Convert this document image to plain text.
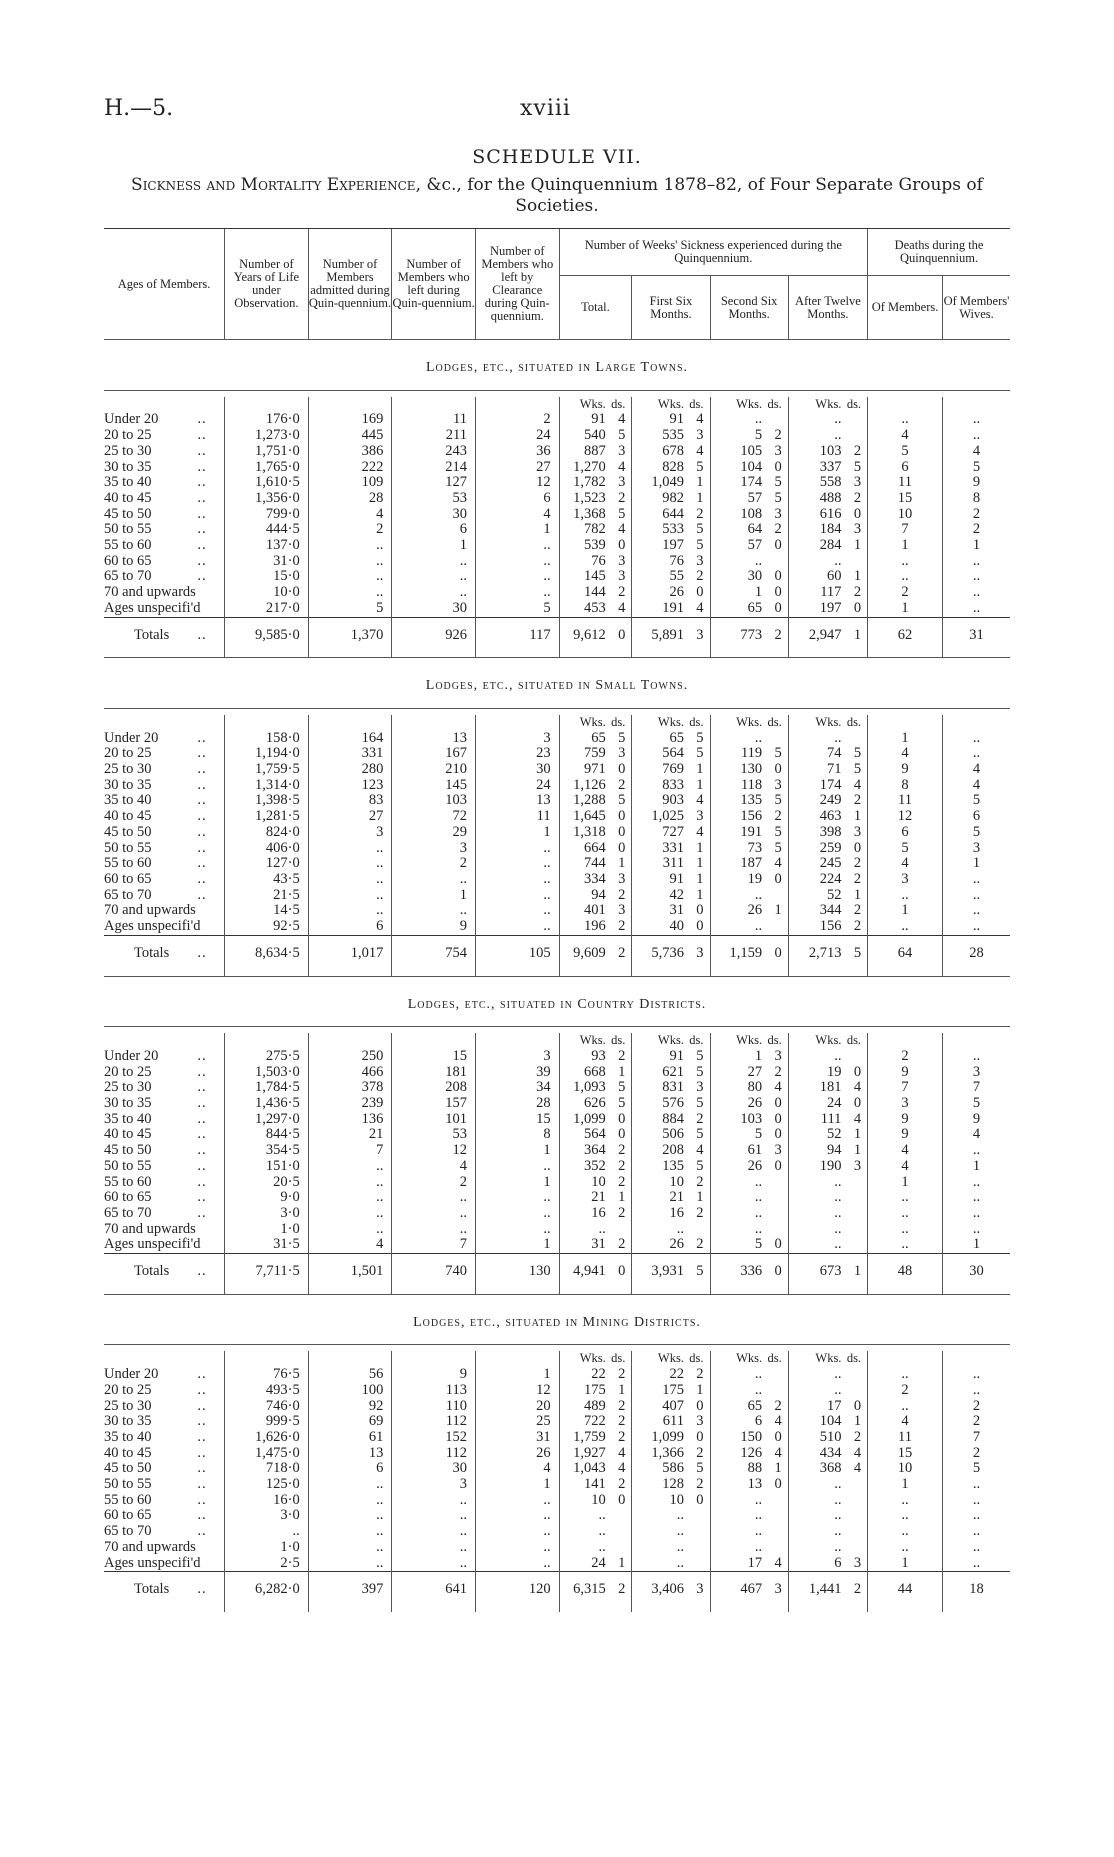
H.—5.	xviii
SCHEDULE VII.
Sickness and Mortality Experience, &c., for the Quinquennium 1878–82, of Four Separate Groups of Societies.
Ages of Members.		Number of Years of Life under Observation.	Number of Members admitted during Quin-quennium.	Number of Members who left during Quin-quennium.	Number of Members who left by Clearance during Quin-quennium.	Number of Weeks' Sickness experienced during the Quinquennium.								Deaths during the Quinquennium.	
						Total.		First Six Months.		Second Six Months.		After Twelve Months.		Of Members.	Of Members' Wives.

Lodges, etc., situated in Large Towns.															

						Wks.	ds.	Wks.	ds.	Wks.	ds.	Wks.	ds.		
Under 20	..	176·0	169	11	2	91	4	91	4	..		..		..	..
20 to 25	..	1,273·0	445	211	24	540	5	535	3	5	2	..		4	..
25 to 30	..	1,751·0	386	243	36	887	3	678	4	105	3	103	2	5	4
30 to 35	..	1,765·0	222	214	27	1,270	4	828	5	104	0	337	5	6	5
35 to 40	..	1,610·5	109	127	12	1,782	3	1,049	1	174	5	558	3	11	9
40 to 45	..	1,356·0	28	53	6	1,523	2	982	1	57	5	488	2	15	8
45 to 50	..	799·0	4	30	4	1,368	5	644	2	108	3	616	0	10	2
50 to 55	..	444·5	2	6	1	782	4	533	5	64	2	184	3	7	2
55 to 60	..	137·0	..	1	..	539	0	197	5	57	0	284	1	1	1
60 to 65	..	31·0	..	..	..	76	3	76	3	..		..		..	..
65 to 70	..	15·0	..	..	..	145	3	55	2	30	0	60	1	..	..
70 and upwards		10·0	..	..	..	144	2	26	0	1	0	117	2	2	..
Ages unspecifi'd		217·0	5	30	5	453	4	191	4	65	0	197	0	1	..
Totals	..	9,585·0	1,370	926	117	9,612	0	5,891	3	773	2	2,947	1	62	31

Lodges, etc., situated in Small Towns.															

						Wks.	ds.	Wks.	ds.	Wks.	ds.	Wks.	ds.		
Under 20	..	158·0	164	13	3	65	5	65	5	..		..		1	..
20 to 25	..	1,194·0	331	167	23	759	3	564	5	119	5	74	5	4	..
25 to 30	..	1,759·5	280	210	30	971	0	769	1	130	0	71	5	9	4
30 to 35	..	1,314·0	123	145	24	1,126	2	833	1	118	3	174	4	8	4
35 to 40	..	1,398·5	83	103	13	1,288	5	903	4	135	5	249	2	11	5
40 to 45	..	1,281·5	27	72	11	1,645	0	1,025	3	156	2	463	1	12	6
45 to 50	..	824·0	3	29	1	1,318	0	727	4	191	5	398	3	6	5
50 to 55	..	406·0	..	3	..	664	0	331	1	73	5	259	0	5	3
55 to 60	..	127·0	..	2	..	744	1	311	1	187	4	245	2	4	1
60 to 65	..	43·5	..	..	..	334	3	91	1	19	0	224	2	3	..
65 to 70	..	21·5	..	1	..	94	2	42	1	..		52	1	..	..
70 and upwards		14·5	..	..	..	401	3	31	0	26	1	344	2	1	..
Ages unspecifi'd		92·5	6	9	..	196	2	40	0	..		156	2	..	..
Totals	..	8,634·5	1,017	754	105	9,609	2	5,736	3	1,159	0	2,713	5	64	28

Lodges, etc., situated in Country Districts.															

						Wks.	ds.	Wks.	ds.	Wks.	ds.	Wks.	ds.		
Under 20	..	275·5	250	15	3	93	2	91	5	1	3	..		2	..
20 to 25	..	1,503·0	466	181	39	668	1	621	5	27	2	19	0	9	3
25 to 30	..	1,784·5	378	208	34	1,093	5	831	3	80	4	181	4	7	7
30 to 35	..	1,436·5	239	157	28	626	5	576	5	26	0	24	0	3	5
35 to 40	..	1,297·0	136	101	15	1,099	0	884	2	103	0	111	4	9	9
40 to 45	..	844·5	21	53	8	564	0	506	5	5	0	52	1	9	4
45 to 50	..	354·5	7	12	1	364	2	208	4	61	3	94	1	4	..
50 to 55	..	151·0	..	4	..	352	2	135	5	26	0	190	3	4	1
55 to 60	..	20·5	..	2	1	10	2	10	2	..		..		1	..
60 to 65	..	9·0	..	..	..	21	1	21	1	..		..		..	..
65 to 70	..	3·0	..	..	..	16	2	16	2	..		..		..	..
70 and upwards		1·0	..	..	..	..		..		..		..		..	..
Ages unspecifi'd		31·5	4	7	1	31	2	26	2	5	0	..		..	1
Totals	..	7,711·5	1,501	740	130	4,941	0	3,931	5	336	0	673	1	48	30

Lodges, etc., situated in Mining Districts.															

						Wks.	ds.	Wks.	ds.	Wks.	ds.	Wks.	ds.		
Under 20	..	76·5	56	9	1	22	2	22	2	..		..		..	..
20 to 25	..	493·5	100	113	12	175	1	175	1	..		..		2	..
25 to 30	..	746·0	92	110	20	489	2	407	0	65	2	17	0	..	2
30 to 35	..	999·5	69	112	25	722	2	611	3	6	4	104	1	4	2
35 to 40	..	1,626·0	61	152	31	1,759	2	1,099	0	150	0	510	2	11	7
40 to 45	..	1,475·0	13	112	26	1,927	4	1,366	2	126	4	434	4	15	2
45 to 50	..	718·0	6	30	4	1,043	4	586	5	88	1	368	4	10	5
50 to 55	..	125·0	..	3	1	141	2	128	2	13	0	..		1	..
55 to 60	..	16·0	..	..	..	10	0	10	0	..		..		..	..
60 to 65	..	3·0	..	..	..	..		..		..		..		..	..
65 to 70	..	..	..	..	..	..		..		..		..		..	..
70 and upwards		1·0	..	..	..	..		..		..		..		..	..
Ages unspecifi'd		2·5	..	..	..	24	1	..		17	4	6	3	1	..
Totals	..	6,282·0	397	641	120	6,315	2	3,406	3	467	3	1,441	2	44	18
